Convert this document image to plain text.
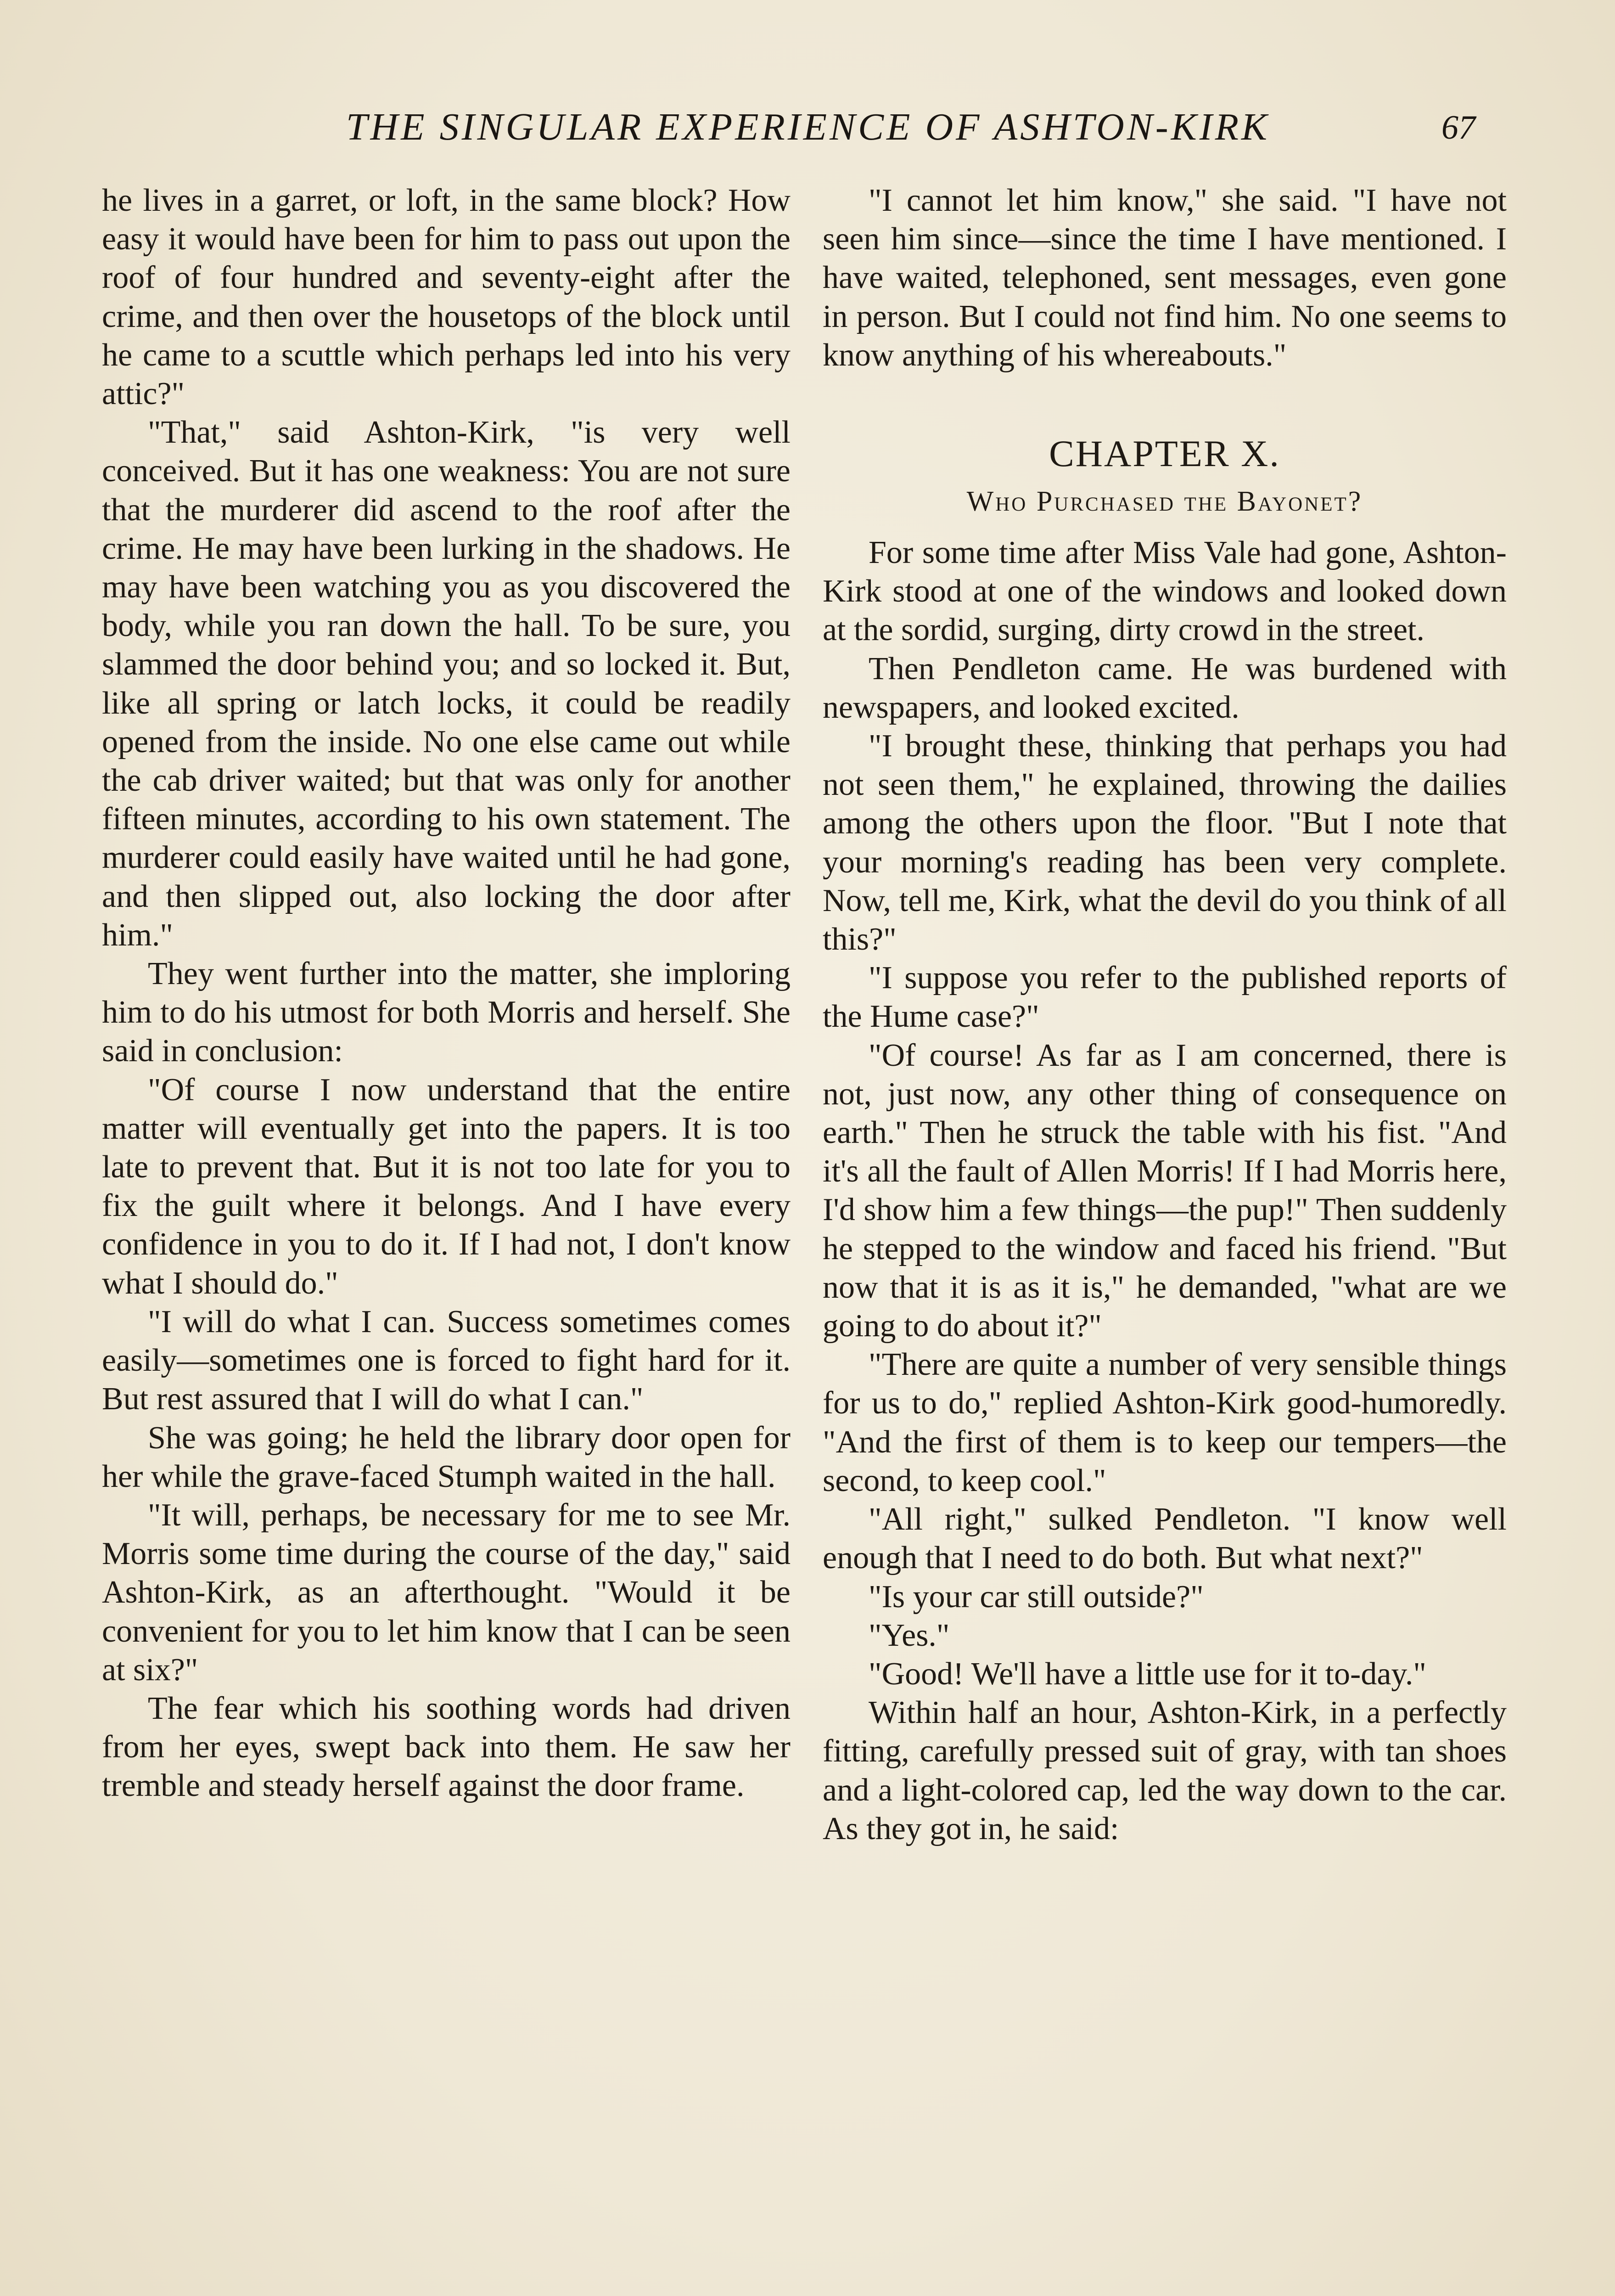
THE SINGULAR EXPERIENCE OF ASHTON-KIRK	67

he lives in a garret, or loft, in the same block? How easy it would have been for him to pass out upon the roof of four hundred and seventy-eight after the crime, and then over the housetops of the block until he came to a scuttle which perhaps led into his very attic?"

"That," said Ashton-Kirk, "is very well conceived. But it has one weakness: You are not sure that the murderer did ascend to the roof after the crime. He may have been lurking in the shadows. He may have been watching you as you discovered the body, while you ran down the hall. To be sure, you slammed the door behind you; and so locked it. But, like all spring or latch locks, it could be readily opened from the inside. No one else came out while the cab driver waited; but that was only for another fifteen minutes, according to his own statement. The murderer could easily have waited until he had gone, and then slipped out, also locking the door after him."

They went further into the matter, she imploring him to do his utmost for both Morris and herself. She said in conclusion:

"Of course I now understand that the entire matter will eventually get into the papers. It is too late to prevent that. But it is not too late for you to fix the guilt where it belongs. And I have every confidence in you to do it. If I had not, I don't know what I should do."

"I will do what I can. Success sometimes comes easily—sometimes one is forced to fight hard for it. But rest assured that I will do what I can."

She was going; he held the library door open for her while the grave-faced Stumph waited in the hall.

"It will, perhaps, be necessary for me to see Mr. Morris some time during the course of the day," said Ashton-Kirk, as an afterthought. "Would it be convenient for you to let him know that I can be seen at six?"

The fear which his soothing words had driven from her eyes, swept back into them. He saw her tremble and steady herself against the door frame.

"I cannot let him know," she said. "I have not seen him since—since the time I have mentioned. I have waited, telephoned, sent messages, even gone in person. But I could not find him. No one seems to know anything of his whereabouts."

CHAPTER X.
Who Purchased the Bayonet?

For some time after Miss Vale had gone, Ashton-Kirk stood at one of the windows and looked down at the sordid, surging, dirty crowd in the street.

Then Pendleton came. He was burdened with newspapers, and looked excited.

"I brought these, thinking that perhaps you had not seen them," he explained, throwing the dailies among the others upon the floor. "But I note that your morning's reading has been very complete. Now, tell me, Kirk, what the devil do you think of all this?"

"I suppose you refer to the published reports of the Hume case?"

"Of course! As far as I am concerned, there is not, just now, any other thing of consequence on earth." Then he struck the table with his fist. "And it's all the fault of Allen Morris! If I had Morris here, I'd show him a few things—the pup!" Then suddenly he stepped to the window and faced his friend. "But now that it is as it is," he demanded, "what are we going to do about it?"

"There are quite a number of very sensible things for us to do," replied Ashton-Kirk good-humoredly. "And the first of them is to keep our tempers—the second, to keep cool."

"All right," sulked Pendleton. "I know well enough that I need to do both. But what next?"

"Is your car still outside?"

"Yes."

"Good! We'll have a little use for it to-day."

Within half an hour, Ashton-Kirk, in a perfectly fitting, carefully pressed suit of gray, with tan shoes and a light-colored cap, led the way down to the car. As they got in, he said:
